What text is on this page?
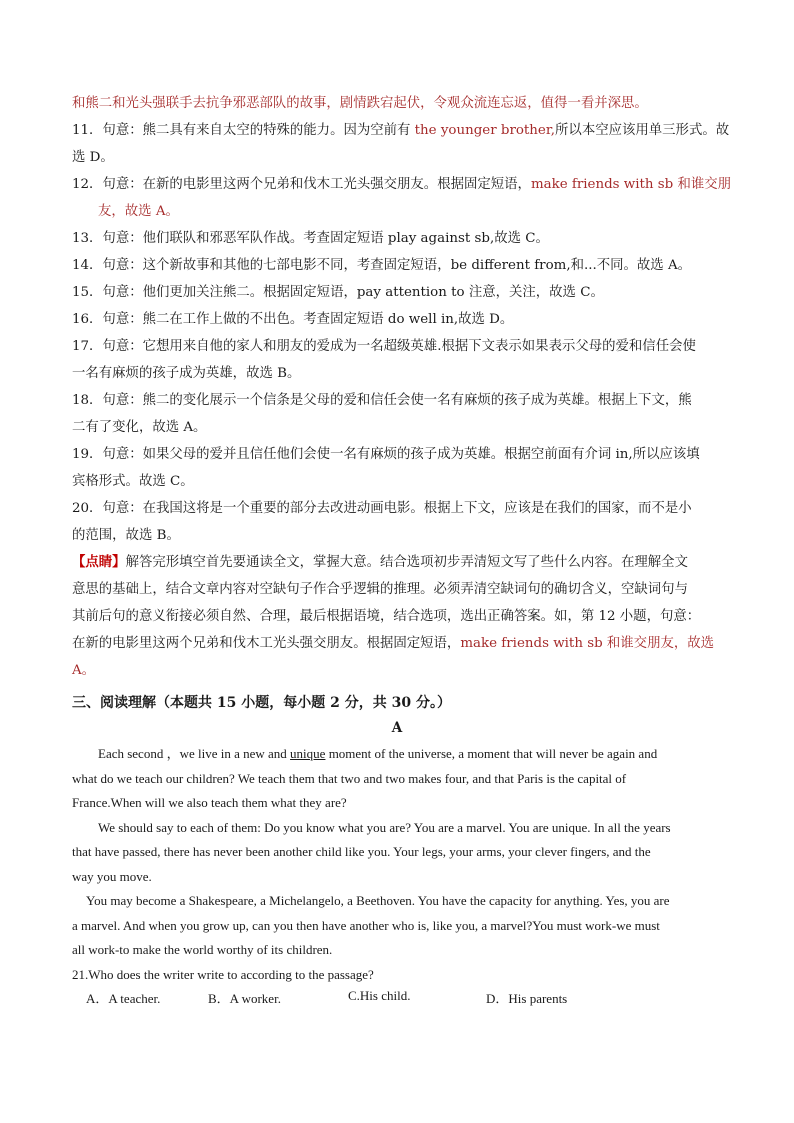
和熊二和光头强联手去抗争邪恶部队的故事，剧情跌宕起伏，令观众流连忘返，值得一看并深思。
11．句意：熊二具有来自太空的特殊的能力。因为空前有 the younger brother,所以本空应该用单三形式。故
选 D。
12．句意：在新的电影里这两个兄弟和伐木工光头强交朋友。根据固定短语，make friends with sb 和谁交朋
友，故选 A。
13．句意：他们联队和邪恶军队作战。考查固定短语 play against sb,故选 C。
14．句意：这个新故事和其他的七部电影不同，考查固定短语，be different from,和...不同。故选 A。
15．句意：他们更加关注熊二。根据固定短语，pay attention to 注意，关注，故选 C。
16．句意：熊二在工作上做的不出色。考查固定短语 do well in,故选 D。
17．句意：它想用来自他的家人和朋友的爱成为一名超级英雄.根据下文表示如果表示父母的爱和信任会使
一名有麻烦的孩子成为英雄，故选 B。
18．句意：熊二的变化展示一个信条是父母的爱和信任会使一名有麻烦的孩子成为英雄。根据上下文，熊
二有了变化，故选 A。
19．句意：如果父母的爱并且信任他们会使一名有麻烦的孩子成为英雄。根据空前面有介词 in,所以应该填
宾格形式。故选 C。
20．句意：在我国这将是一个重要的部分去改进动画电影。根据上下文，应该是在我们的国家，而不是小
的范围，故选 B。
【点睛】解答完形填空首先要通读全文，掌握大意。结合选项初步弄清短文写了些什么内容。在理解全文
意思的基础上，结合文章内容对空缺句子作合乎逻辑的推理。必须弄清空缺词句的确切含义，空缺词句与
其前后句的意义衔接必须自然、合理，最后根据语境，结合选项，选出正确答案。如，第 12 小题，句意：
在新的电影里这两个兄弟和伐木工光头强交朋友。根据固定短语，make friends with sb 和谁交朋友，故选
A。
三、阅读理解（本题共 15 小题，每小题 2 分，共 30 分。）
A
Each second ，we live in a new and unique moment of the universe, a moment that will never be again and
what do we teach our children? We teach them that two and two makes four, and that Paris is the capital of
France.When will we also teach them what they are?
We should say to each of them: Do you know what you are? You are a marvel. You are unique. In all the years
that have passed, there has never been another child like you. Your legs, your arms, your clever fingers, and the
way you move.
You may become a Shakespeare, a Michelangelo, a Beethoven. You have the capacity for anything. Yes, you are
a marvel. And when you grow up, can you then have another who is, like you, a marvel?You must work-we must
all work-to make the world worthy of its children.
21.Who does the writer write to according to the passage?
A．A teacher.	B．A worker.	C.His child.	D．His parents
